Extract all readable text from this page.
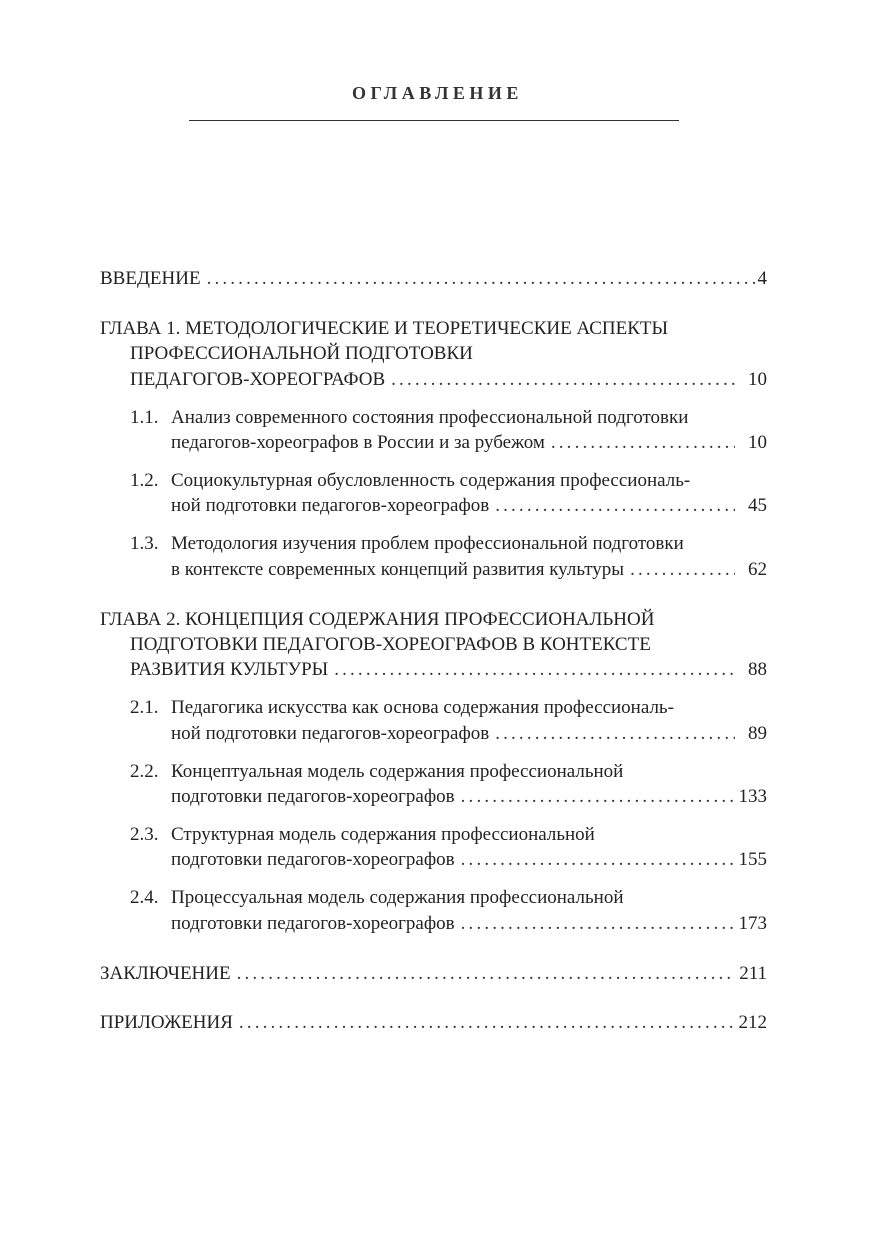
ОГЛАВЛЕНИЕ
ВВЕДЕНИЕ . . .	4
ГЛАВА 1. МЕТОДОЛОГИЧЕСКИЕ И ТЕОРЕТИЧЕСКИЕ АСПЕКТЫ
ПРОФЕССИОНАЛЬНОЙ ПОДГОТОВКИ
ПЕДАГОГОВ-ХОРЕОГРАФОВ . . .	10
1.1. Анализ современного состояния профессиональной подготовки
педагогов-хореографов в России и за рубежом . . .	10
1.2. Социокультурная обусловленность содержания профессиональ-
ной подготовки педагогов-хореографов . . .	45
1.3. Методология изучения проблем профессиональной подготовки
в контексте современных концепций развития культуры . . .	62
ГЛАВА 2. КОНЦЕПЦИЯ СОДЕРЖАНИЯ ПРОФЕССИОНАЛЬНОЙ
ПОДГОТОВКИ ПЕДАГОГОВ-ХОРЕОГРАФОВ В КОНТЕКСТЕ
РАЗВИТИЯ КУЛЬТУРЫ . . .	88
2.1. Педагогика искусства как основа содержания профессиональ-
ной подготовки педагогов-хореографов . . .	89
2.2. Концептуальная модель содержания профессиональной
подготовки педагогов-хореографов . . .	133
2.3. Структурная модель содержания профессиональной
подготовки педагогов-хореографов . . .	155
2.4. Процессуальная модель содержания профессиональной
подготовки педагогов-хореографов . . .	173
ЗАКЛЮЧЕНИЕ . . .	211
ПРИЛОЖЕНИЯ . . .	212
